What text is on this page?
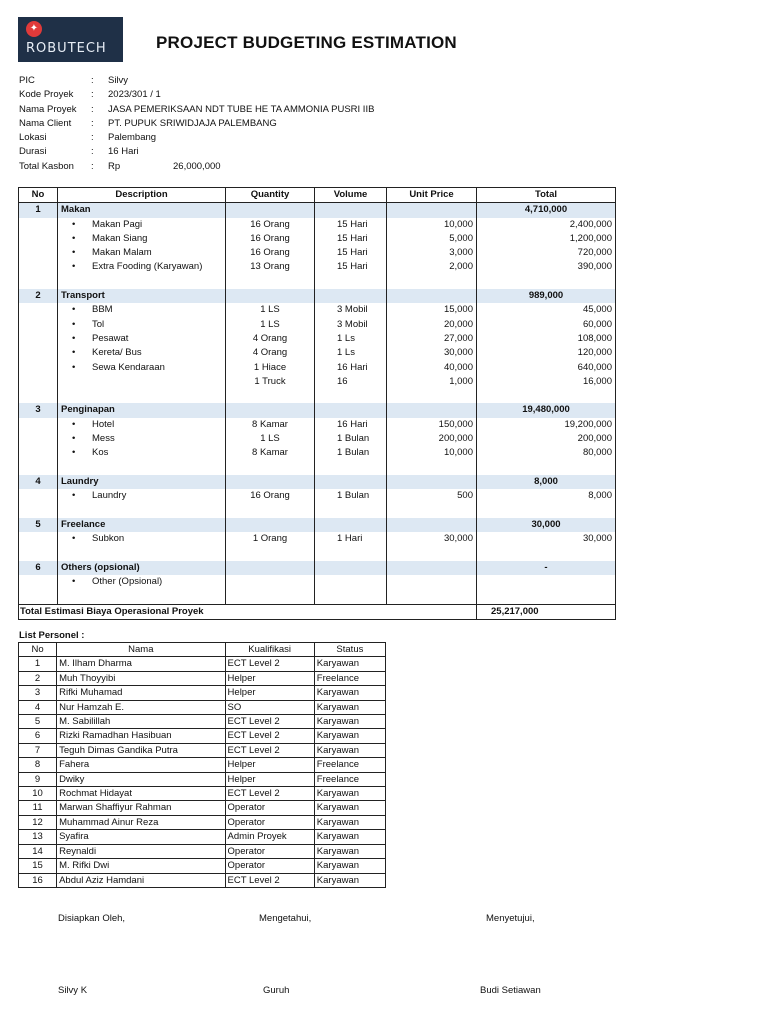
✦
ROBUTECH	PROJECT BUDGETING ESTIMATION
PIC	: Silvy
Kode Proyek	: 2023/301 / 1
Nama Proyek	: JASA PEMERIKSAAN NDT TUBE HE TA AMMONIA PUSRI IIB
Nama Client	: PT. PUPUK SRIWIDJAJA PALEMBANG
Lokasi	: Palembang
Durasi	: 16 Hari
Total Kasbon	: Rp	26,000,000
No	Description	Quantity	Volume	Unit Price	Total
1	Makan				4,710,000
	• Makan Pagi	16 Orang	15 Hari	10,000	2,400,000
	• Makan Siang	16 Orang	15 Hari	5,000	1,200,000
	• Makan Malam	16 Orang	15 Hari	3,000	720,000
	• Extra Fooding (Karyawan)	13 Orang	15 Hari	2,000	390,000

2	Transport				989,000
	• BBM	1 LS	3 Mobil	15,000	45,000
	• Tol	1 LS	3 Mobil	20,000	60,000
	• Pesawat	4 Orang	1 Ls	27,000	108,000
	• Kereta/ Bus	4 Orang	1 Ls	30,000	120,000
	• Sewa Kendaraan	1 Hiace	16 Hari	40,000	640,000
		1 Truck	16	1,000	16,000

3	Penginapan				19,480,000
	• Hotel	8 Kamar	16 Hari	150,000	19,200,000
	• Mess	1 LS	1 Bulan	200,000	200,000
	• Kos	8 Kamar	1 Bulan	10,000	80,000

4	Laundry				8,000
	• Laundry	16 Orang	1 Bulan	500	8,000

5	Freelance				30,000
	• Subkon	1 Orang	1 Hari	30,000	30,000

6	Others (opsional)				-
	• Other (Opsional)				

Total Estimasi Biaya Operasional Proyek					25,217,000
List Personel :
No	Nama	Kualifikasi	Status
1	M. Ilham Dharma	ECT Level 2	Karyawan
2	Muh Thoyyibi	Helper	Freelance
3	Rifki Muhamad	Helper	Karyawan
4	Nur Hamzah E.	SO	Karyawan
5	M. Sabilillah	ECT Level 2	Karyawan
6	Rizki Ramadhan Hasibuan	ECT Level 2	Karyawan
7	Teguh Dimas Gandika Putra	ECT Level 2	Karyawan
8	Fahera	Helper	Freelance
9	Dwiky	Helper	Freelance
10	Rochmat Hidayat	ECT Level 2	Karyawan
11	Marwan Shaffiyur Rahman	Operator	Karyawan
12	Muhammad Ainur Reza	Operator	Karyawan
13	Syafira	Admin Proyek	Karyawan
14	Reynaldi	Operator	Karyawan
15	M. Rifki Dwi	Operator	Karyawan
16	Abdul Aziz Hamdani	ECT Level 2	Karyawan
Disiapkan Oleh,	Mengetahui,	Menyetujui,
Silvy K	Guruh	Budi Setiawan
